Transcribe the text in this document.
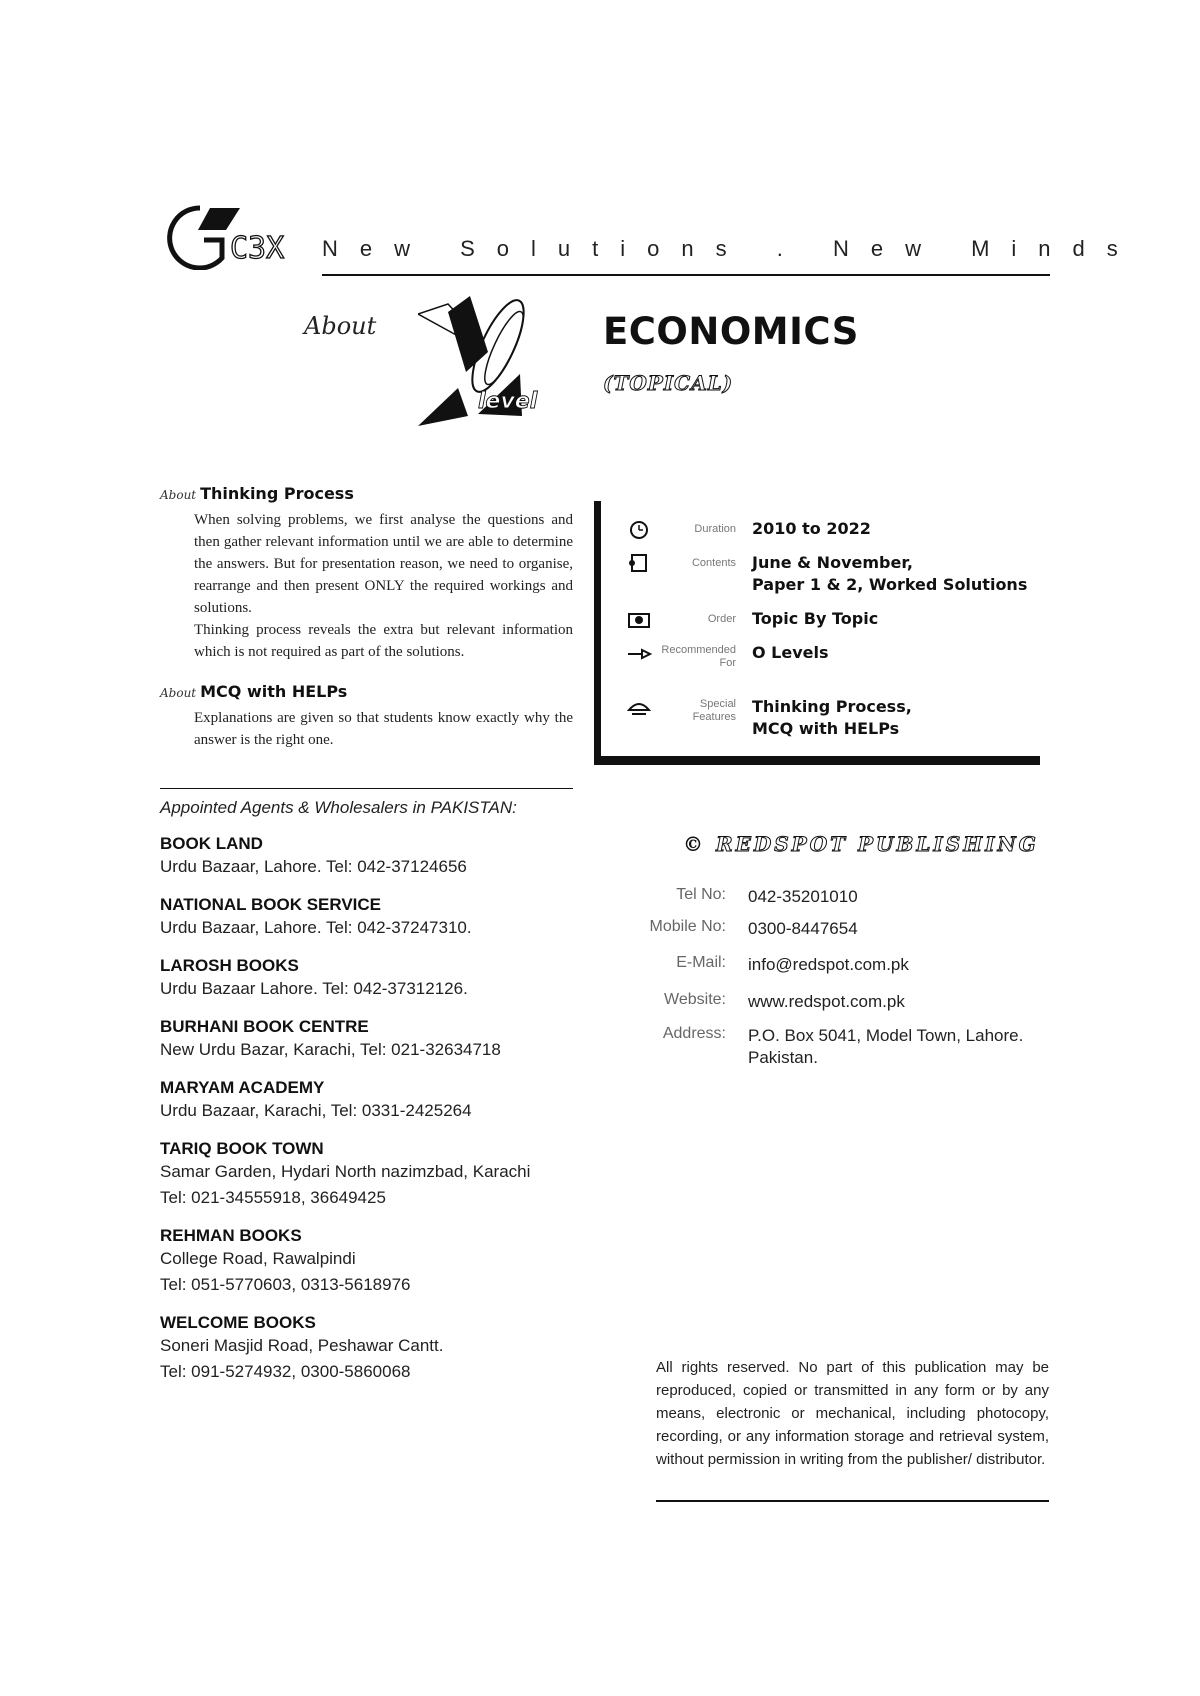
C3X New Solutions . New Minds
About
level
ECONOMICS
(TOPICAL)
About Thinking Process
When solving problems, we first analyse the questions and then gather relevant information until we are able to determine the answers. But for presentation reason, we need to organise, rearrange and then present ONLY the required workings and solutions.
Thinking process reveals the extra but relevant information which is not required as part of the solutions.
About MCQ with HELPs
Explanations are given so that students know exactly why the answer is the right one.
Duration 2010 to 2022
Contents June & November,
Paper 1 & 2, Worked Solutions
Order Topic By Topic
Recommended For
O Levels
Special Features
Thinking Process,
MCQ with HELPs
Appointed Agents & Wholesalers in PAKISTAN:
BOOK LAND
Urdu Bazaar, Lahore. Tel: 042-37124656
NATIONAL BOOK SERVICE
Urdu Bazaar, Lahore. Tel: 042-37247310.
LAROSH BOOKS
Urdu Bazaar Lahore. Tel: 042-37312126.
BURHANI BOOK CENTRE
New Urdu Bazar, Karachi, Tel: 021-32634718
MARYAM ACADEMY
Urdu Bazaar, Karachi, Tel: 0331-2425264
TARIQ BOOK TOWN
Samar Garden, Hydari North nazimzbad, Karachi
Tel: 021-34555918, 36649425
REHMAN BOOKS
College Road, Rawalpindi
Tel: 051-5770603, 0313-5618976
WELCOME BOOKS
Soneri Masjid Road, Peshawar Cantt.
Tel: 091-5274932, 0300-5860068
© REDSPOT PUBLISHING
Tel No: 042-35201010
Mobile No: 0300-8447654
E-Mail: info@redspot.com.pk
Website: www.redspot.com.pk
Address: P.O. Box 5041, Model Town, Lahore. Pakistan.
All rights reserved. No part of this publication may be reproduced, copied or transmitted in any form or by any means, electronic or mechanical, including photocopy, recording, or any information storage and retrieval system, without permission in writing from the publisher/ distributor.
